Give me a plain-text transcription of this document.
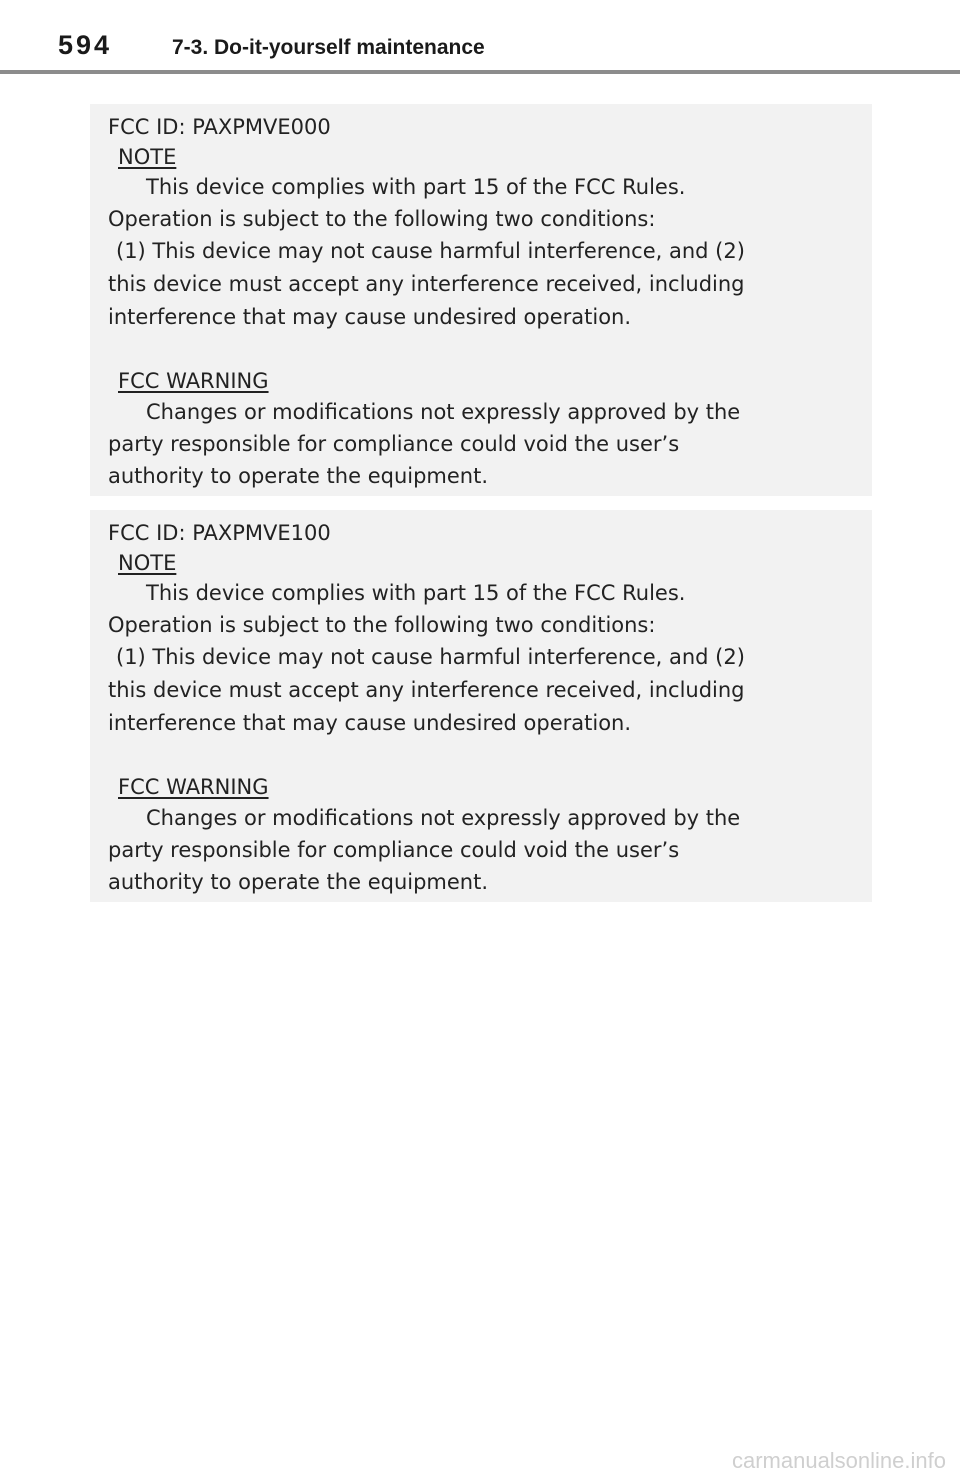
594	7-3. Do-it-yourself maintenance
FCC ID: PAXPMVE000
NOTE
This device complies with part 15 of the FCC Rules.
Operation is subject to the following two conditions:
(1) This device may not cause harmful interference, and (2)
this device must accept any interference received, including
interference that may cause undesired operation.
FCC WARNING
Changes or modifications not expressly approved by the
party responsible for compliance could void the user’s
authority to operate the equipment.
FCC ID: PAXPMVE100
NOTE
This device complies with part 15 of the FCC Rules.
Operation is subject to the following two conditions:
(1) This device may not cause harmful interference, and (2)
this device must accept any interference received, including
interference that may cause undesired operation.
FCC WARNING
Changes or modifications not expressly approved by the
party responsible for compliance could void the user’s
authority to operate the equipment.
carmanualsonline.info
